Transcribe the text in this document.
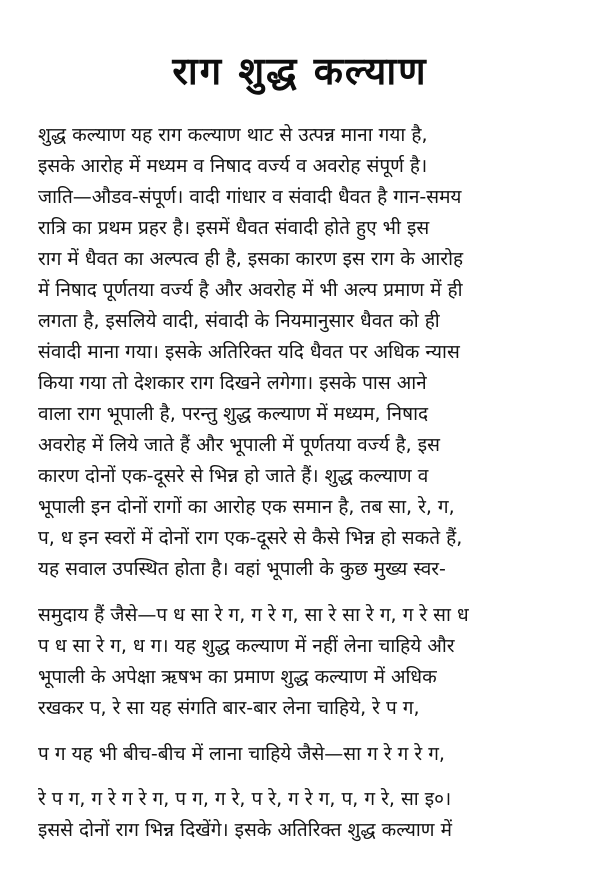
राग शुद्ध कल्याण
शुद्ध कल्याण यह राग कल्याण थाट से उत्पन्न माना गया है,
इसके आरोह में मध्यम व निषाद वर्ज्य व अवरोह संपूर्ण है।
जाति—औडव-संपूर्ण। वादी गांधार व संवादी धैवत है गान-समय
रात्रि का प्रथम प्रहर है। इसमें धैवत संवादी होते हुए भी इस
राग में धैवत का अल्पत्व ही है, इसका कारण इस राग के आरोह
में निषाद पूर्णतया वर्ज्य है और अवरोह में भी अल्प प्रमाण में ही
लगता है, इसलिये वादी, संवादी के नियमानुसार धैवत को ही
संवादी माना गया। इसके अतिरिक्त यदि धैवत पर अधिक न्यास
किया गया तो देशकार राग दिखने लगेगा। इसके पास आने
वाला राग भूपाली है, परन्तु शुद्ध कल्याण में मध्यम, निषाद
अवरोह में लिये जाते हैं और भूपाली में पूर्णतया वर्ज्य है, इस
कारण दोनों एक-दूसरे से भिन्न हो जाते हैं। शुद्ध कल्याण व
भूपाली इन दोनों रागों का आरोह एक समान है, तब सा, रे, ग,
प, ध इन स्वरों में दोनों राग एक-दूसरे से कैसे भिन्न हो सकते हैं,
यह सवाल उपस्थित होता है। वहां भूपाली के कुछ मुख्य स्वर-
समुदाय हैं जैसे—प ध सा रे ग, ग रे ग, सा रे सा रे ग, ग रे सा ध
प ध सा रे ग, ध ग। यह शुद्ध कल्याण में नहीं लेना चाहिये और
भूपाली के अपेक्षा ऋषभ का प्रमाण शुद्ध कल्याण में अधिक
रखकर प, रे सा यह संगति बार-बार लेना चाहिये, रे प ग,
प ग यह भी बीच-बीच में लाना चाहिये जैसे—सा ग रे ग रे ग,
रे प ग, ग रे ग रे ग, प ग, ग रे, प रे, ग रे ग, प, ग रे, सा इ०।
इससे दोनों राग भिन्न दिखेंगे। इसके अतिरिक्त शुद्ध कल्याण में
